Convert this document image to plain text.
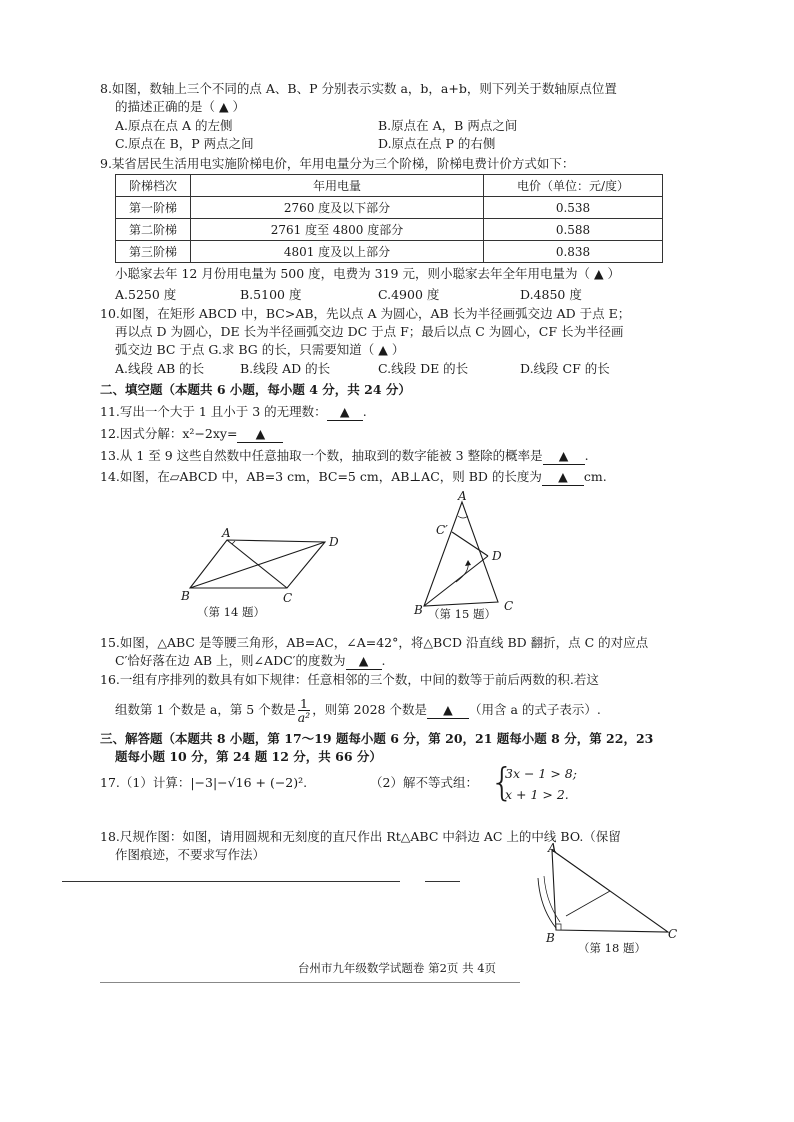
8.如图，数轴上三个不同的点 A、B、P 分别表示实数 a，b，a+b，则下列关于数轴原点位置
的描述正确的是（ ▲ ）
A.原点在点 A 的左侧	B.原点在 A，B 两点之间
C.原点在 B，P 两点之间	D.原点在点 P 的右侧
9.某省居民生活用电实施阶梯电价，年用电量分为三个阶梯，阶梯电费计价方式如下：
阶梯档次	年用电量	电价（单位：元/度）
第一阶梯	2760 度及以下部分	0.538
第二阶梯	2761 度至 4800 度部分	0.588
第三阶梯	4801 度及以上部分	0.838
小聪家去年 12 月份用电量为 500 度，电费为 319 元，则小聪家去年全年用电量为（ ▲ ）
A.5250 度	B.5100 度	C.4900 度	D.4850 度
10.如图，在矩形 ABCD 中，BC>AB，先以点 A 为圆心，AB 长为半径画弧交边 AD 于点 E；
再以点 D 为圆心，DE 长为半径画弧交边 DC 于点 F；最后以点 C 为圆心，CF 长为半径画
弧交边 BC 于点 G.求 BG 的长，只需要知道（ ▲ ）
A.线段 AB 的长	B.线段 AD 的长	C.线段 DE 的长	D.线段 CF 的长
二、填空题（本题共 6 小题，每小题 4 分，共 24 分）
11.写出一个大于 1 且小于 3 的无理数： ▲ .
12.因式分解：x²−2xy= ▲
13.从 1 至 9 这些自然数中任意抽取一个数，抽取到的数字能被 3 整除的概率是 ▲ .
14.如图，在▱ABCD 中，AB=3 cm，BC=5 cm，AB⊥AC，则 BD 的长度为 ▲ cm.
A
D
B	C
（第 14 题）
A
C′
D
B	C
（第 15 题）
15.如图，△ABC 是等腰三角形，AB=AC，∠A=42°，将△BCD 沿直线 BD 翻折，点 C 的对应点
C′恰好落在边 AB 上，则∠ADC′的度数为 ▲ .
16.一组有序排列的数具有如下规律：任意相邻的三个数，中间的数等于前后两数的积.若这
组数第 1 个数是 a，第 5 个数是 $\frac{1}{\text{a²}}$ ，则第 2028 个数是 ▲ （用含 a 的式子表示）.
三、解答题（本题共 8 小题，第 17～19 题每小题 6 分，第 20，21 题每小题 8 分，第 22，23
题每小题 10 分，第 24 题 12 分，共 66 分）
17.（1）计算：|−3|−√16 + (−2)².	（2）解不等式组： {
3x − 1 > 8;
x + 1 > 2.
18.尺规作图：如图，请用圆规和无刻度的直尺作出 Rt△ABC 中斜边 AC 上的中线 BO.（保留
作图痕迹，不要求写作法）	A
B	C
（第 18 题）
台州市九年级数学试题卷 第2页 共 4页
